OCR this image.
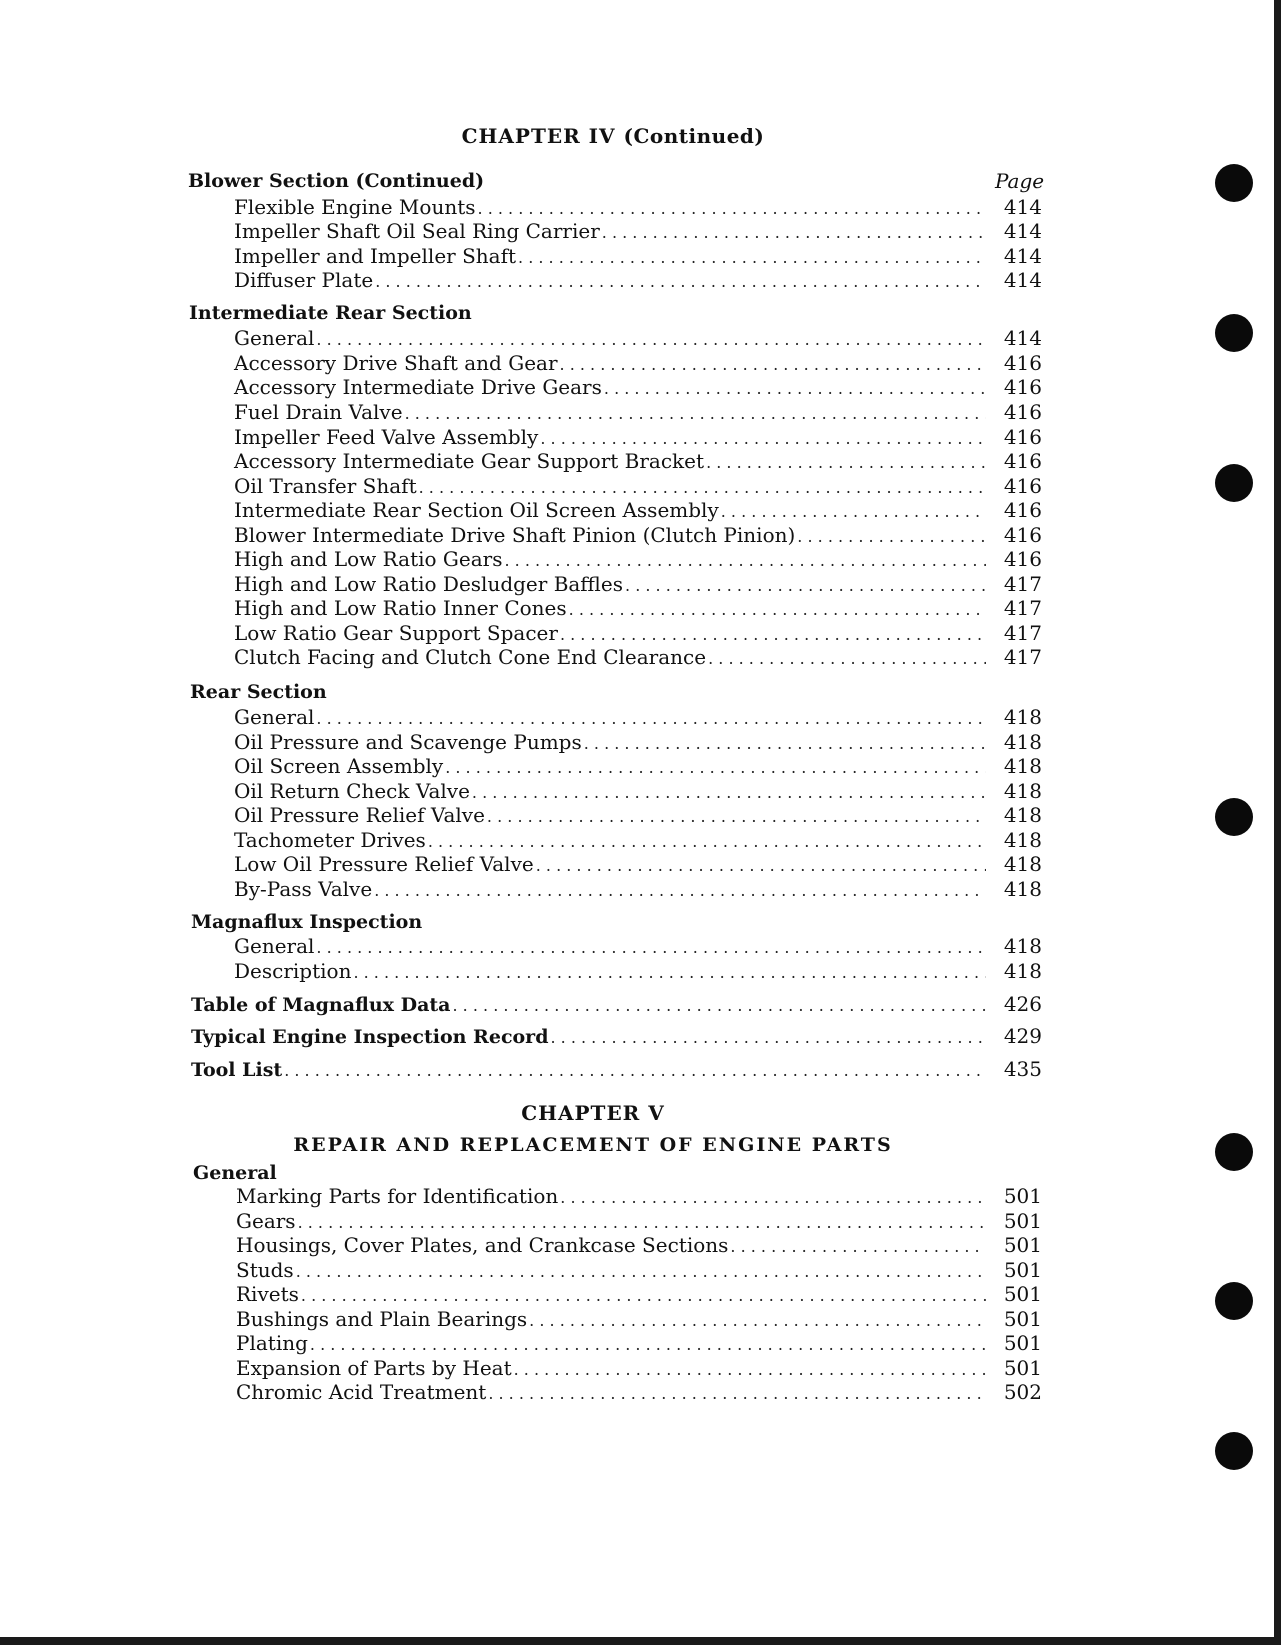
CHAPTER IV (Continued)
Blower Section (Continued)	Page
Flexible Engine Mounts . . .	414
Impeller Shaft Oil Seal Ring Carrier . . .	414
Impeller and Impeller Shaft . . .	414
Diffuser Plate . . .	414
Intermediate Rear Section
General . . .	414
Accessory Drive Shaft and Gear . . .	416
Accessory Intermediate Drive Gears . . .	416
Fuel Drain Valve . . .	416
Impeller Feed Valve Assembly . . .	416
Accessory Intermediate Gear Support Bracket . . .	416
Oil Transfer Shaft . . .	416
Intermediate Rear Section Oil Screen Assembly . . .	416
Blower Intermediate Drive Shaft Pinion (Clutch Pinion) . . .	416
High and Low Ratio Gears . . .	416
High and Low Ratio Desludger Baffles . . .	417
High and Low Ratio Inner Cones . . .	417
Low Ratio Gear Support Spacer . . .	417
Clutch Facing and Clutch Cone End Clearance . . .	417
Rear Section
General . . .	418
Oil Pressure and Scavenge Pumps . . .	418
Oil Screen Assembly . . .	418
Oil Return Check Valve . . .	418
Oil Pressure Relief Valve . . .	418
Tachometer Drives . . .	418
Low Oil Pressure Relief Valve . . .	418
By-Pass Valve . . .	418
Magnaflux Inspection
General . . .	418
Description . . .	418
Table of Magnaflux Data . . .	426
Typical Engine Inspection Record . . .	429
Tool List . . .	435
CHAPTER V
REPAIR AND REPLACEMENT OF ENGINE PARTS
General
Marking Parts for Identification . . .	501
Gears . . .	501
Housings, Cover Plates, and Crankcase Sections . . .	501
Studs . . .	501
Rivets . . .	501
Bushings and Plain Bearings . . .	501
Plating . . .	501
Expansion of Parts by Heat . . .	501
Chromic Acid Treatment . . .	502
